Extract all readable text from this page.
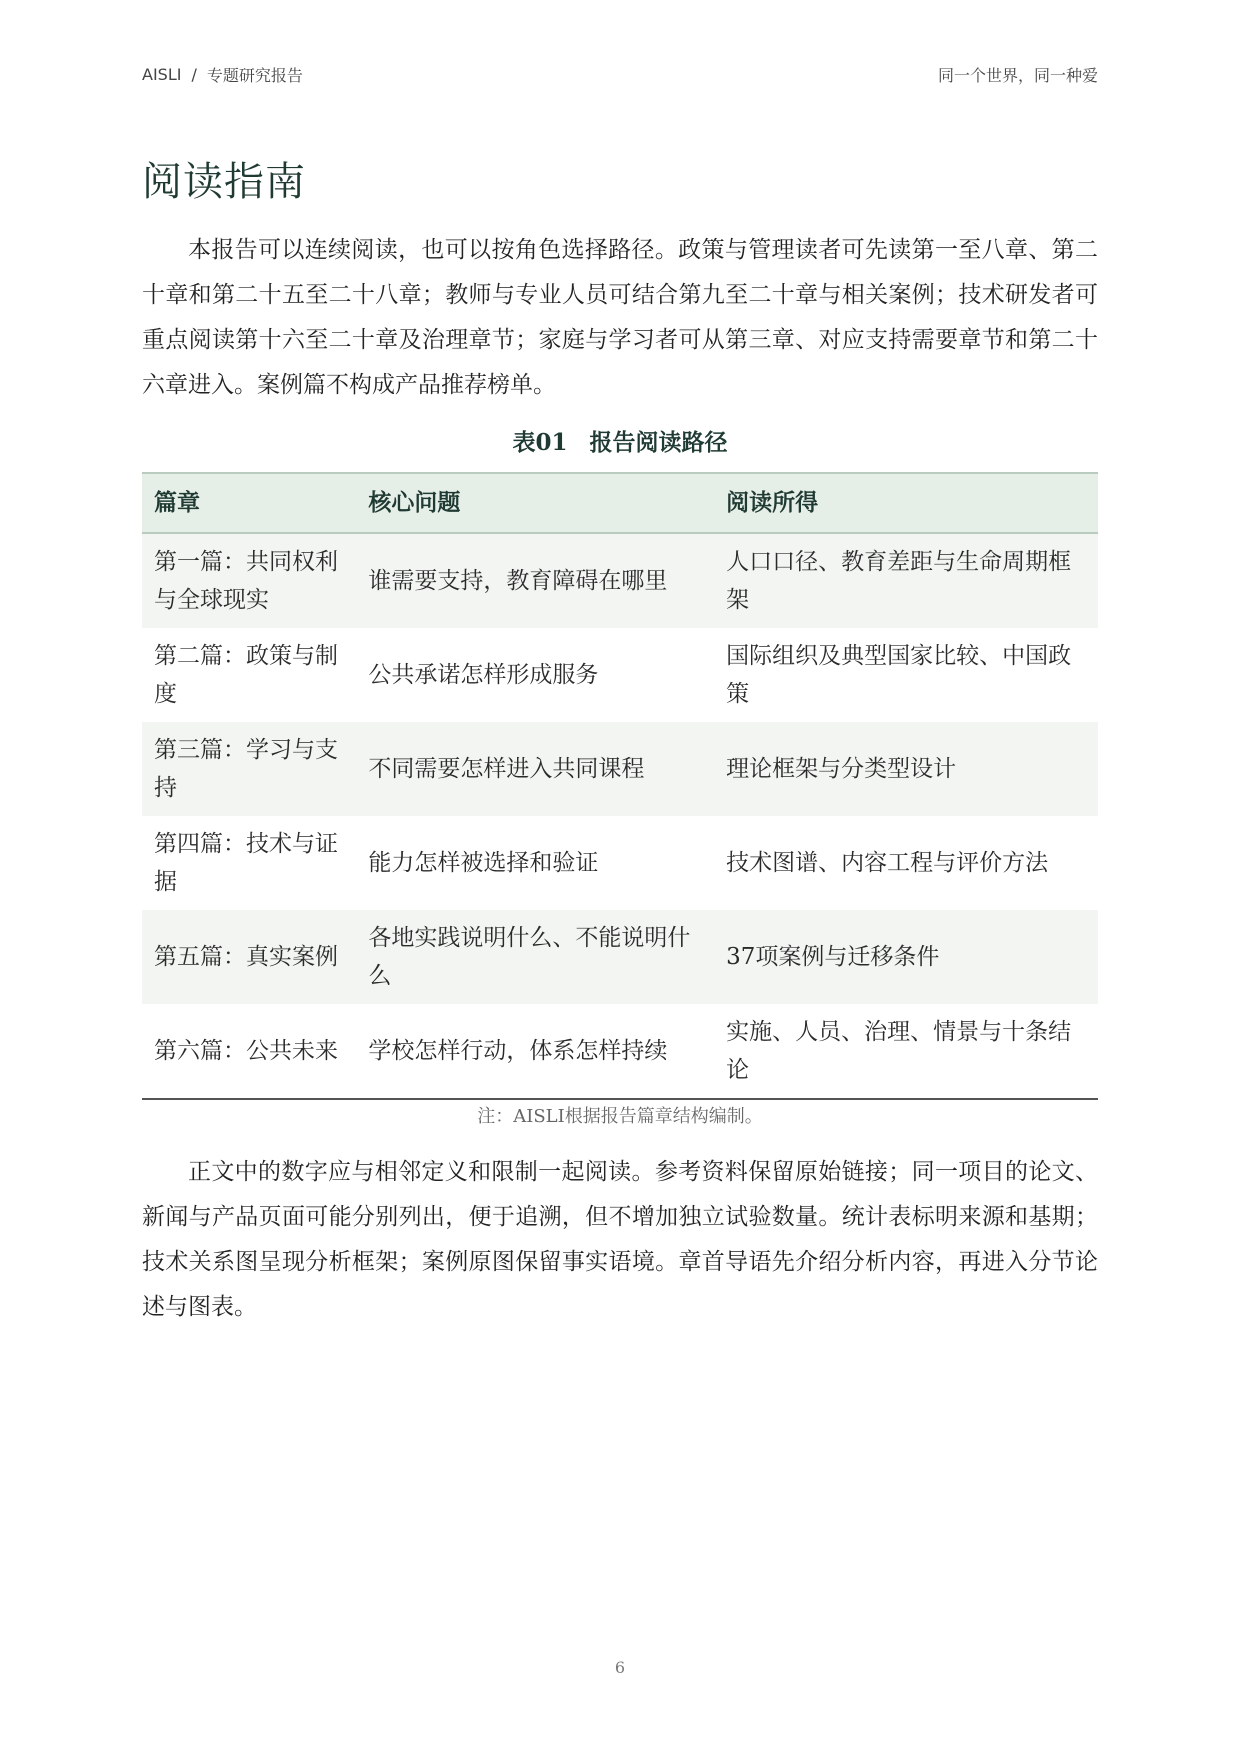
AISLI / 专题研究报告	同一个世界，同一种爱
阅读指南

本报告可以连续阅读，也可以按角色选择路径。政策与管理读者可先读第一至八章、第二十章和第二十五至二十八章；教师与专业人员可结合第九至二十章与相关案例；技术研发者可重点阅读第十六至二十章及治理章节；家庭与学习者可从第三章、对应支持需要章节和第二十六章进入。案例篇不构成产品推荐榜单。

表01 报告阅读路径
篇章	核心问题	阅读所得
第一篇：共同权利与全球现实	谁需要支持，教育障碍在哪里	人口口径、教育差距与生命周期框架
第二篇：政策与制度	公共承诺怎样形成服务	国际组织及典型国家比较、中国政策
第三篇：学习与支持	不同需要怎样进入共同课程	理论框架与分类型设计
第四篇：技术与证据	能力怎样被选择和验证	技术图谱、内容工程与评价方法
第五篇：真实案例	各地实践说明什么、不能说明什么	37项案例与迁移条件
第六篇：公共未来	学校怎样行动，体系怎样持续	实施、人员、治理、情景与十条结论
注：AISLI根据报告篇章结构编制。

正文中的数字应与相邻定义和限制一起阅读。参考资料保留原始链接；同一项目的论文、新闻与产品页面可能分别列出，便于追溯，但不增加独立试验数量。统计表标明来源和基期；技术关系图呈现分析框架；案例原图保留事实语境。章首导语先介绍分析内容，再进入分节论述与图表。

6
